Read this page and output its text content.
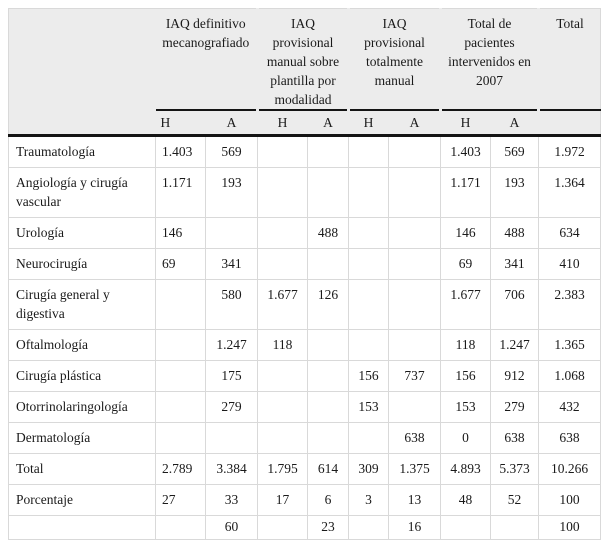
	IAQ definitivo mecanografiado		IAQ provisional manual sobre plantilla por modalidad		IAQ provisional totalmente manual		Total de pacientes intervenidos en 2007		Total
	H	A	H	A	H	A	H	A	
Traumatología	1.403	569					1.403	569	1.972
Angiología y cirugía vascular	1.171	193					1.171	193	1.364
Urología	146			488			146	488	634
Neurocirugía	69	341					69	341	410
Cirugía general y digestiva		580	1.677	126			1.677	706	2.383
Oftalmología		1.247	118				118	1.247	1.365
Cirugía plástica		175			156	737	156	912	1.068
Otorrinolaringología		279			153		153	279	432
Dermatología						638	0	638	638
Total	2.789	3.384	1.795	614	309	1.375	4.893	5.373	10.266
Porcentaje	27	33	17	6	3	13	48	52	100
		60		23		16			100
